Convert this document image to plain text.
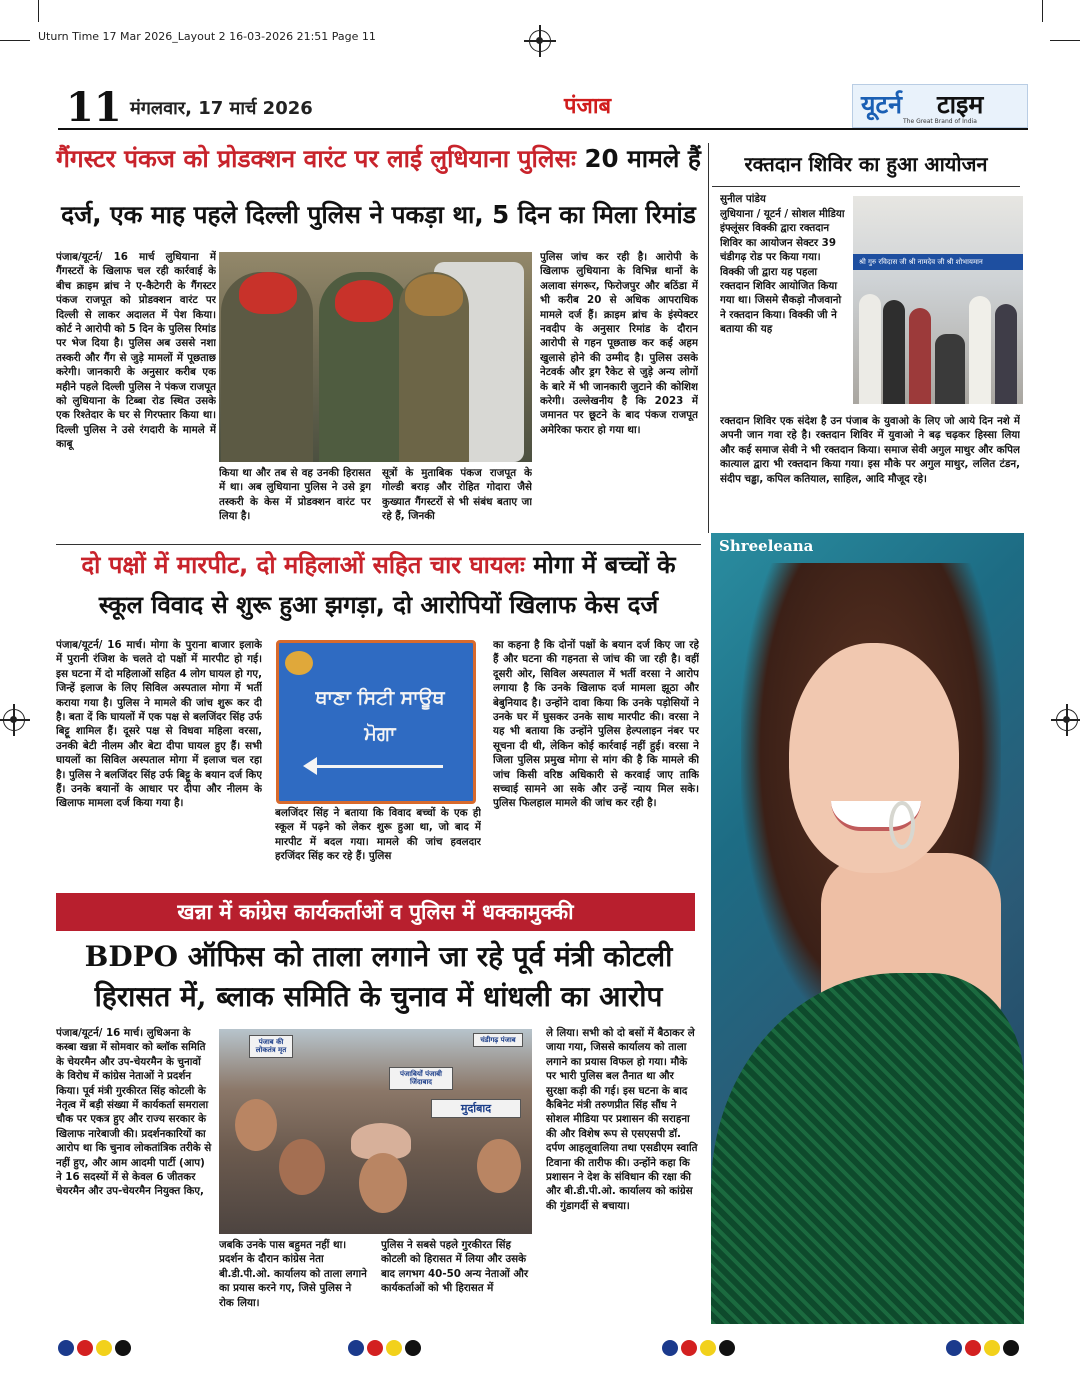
Uturn Time 17 Mar 2026_Layout 2 16-03-2026 21:51 Page 11
11 मंगलवार, 17 मार्च 2026	पंजाब	यूटर्न टाइम
The Great Brand of India
गैंगस्टर पंकज को प्रोडक्शन वारंट पर लाई लुधियाना पुलिसः 20 मामले हैं
दर्ज, एक माह पहले दिल्ली पुलिस ने पकड़ा था, 5 दिन का मिला रिमांड
पंजाब/यूटर्न/ 16 मार्च लुधियाना में गैंगस्टरों के खिलाफ चल रही कार्रवाई के बीच क्राइम ब्रांच ने ए-कैटेगरी के गैंगस्टर पंकज राजपूत को प्रोडक्शन वारंट पर दिल्ली से लाकर अदालत में पेश किया। कोर्ट ने आरोपी को 5 दिन के पुलिस रिमांड पर भेज दिया है। पुलिस अब उससे नशा तस्करी और गैंग से जुड़े मामलों में पूछताछ करेगी। जानकारी के अनुसार करीब एक महीने पहले दिल्ली पुलिस ने पंकज राजपूत को लुधियाना के टिब्बा रोड स्थित उसके एक रिश्तेदार के घर से गिरफ्तार किया था। दिल्ली पुलिस ने उसे रंगदारी के मामले में काबू
किया था और तब से वह उनकी हिरासत में था। अब लुधियाना पुलिस ने उसे ड्रग तस्करी के केस में प्रोडक्शन वारंट पर लिया है।
सूत्रों के मुताबिक पंकज राजपूत के गोल्डी बराड़ और रोहित गोदारा जैसे कुख्यात गैंगस्टरों से भी संबंध बताए जा रहे हैं, जिनकी
पुलिस जांच कर रही है। आरोपी के खिलाफ लुधियाना के विभिन्न थानों के अलावा संगरूर, फिरोजपुर और बठिंडा में भी करीब 20 से अधिक आपराधिक मामले दर्ज हैं। क्राइम ब्रांच के इंस्पेक्टर नवदीप के अनुसार रिमांड के दौरान आरोपी से गहन पूछताछ कर कई अहम खुलासे होने की उम्मीद है। पुलिस उसके नेटवर्क और ड्रग रैकेट से जुड़े अन्य लोगों के बारे में भी जानकारी जुटाने की कोशिश करेगी। उल्लेखनीय है कि 2023 में जमानत पर छूटने के बाद पंकज राजपूत अमेरिका फरार हो गया था।
रक्तदान शिविर का हुआ आयोजन
सुनील पांडेय
लुधियाना / यूटर्न / सोशल मीडिया इंफ्लूंसर विक्की द्वारा रक्तदान शिविर का आयोजन सेक्टर 39 चंडीगढ़ रोड पर किया गया। विक्की जी द्वारा यह पहला रक्तदान शिविर आयोजित किया गया था। जिसमे सैकड़ो नौजवानो ने रक्तदान किया। विक्की जी ने बताया की यह
श्री गुरु रविदास जी श्री नामदेव जी श्री शोभायमान
रक्तदान शिविर एक संदेश है उन पंजाब के युवाओ के लिए जो आये दिन नशे में अपनी जान गवा रहे है। रक्तदान शिविर में युवाओ ने बढ़ चढ़कर हिस्सा लिया और कई समाज सेवी ने भी रक्तदान किया। समाज सेवी अगुल माथुर और कपिल कात्याल द्वारा भी रक्तदान किया गया। इस मौके पर अगुल माथुर, ललित टंडन, संदीप चड्ढा, कपिल कतियाल, साहिल, आदि मौजूद रहे।
Shreeleana
दो पक्षों में मारपीट, दो महिलाओं सहित चार घायलः मोगा में बच्चों के
स्कूल विवाद से शुरू हुआ झगड़ा, दो आरोपियों खिलाफ केस दर्ज
पंजाब/यूटर्न/ 16 मार्च। मोगा के पुराना बाजार इलाके में पुरानी रंजिश के चलते दो पक्षों में मारपीट हो गई। इस घटना में दो महिलाओं सहित 4 लोग घायल हो गए, जिन्हें इलाज के लिए सिविल अस्पताल मोगा में भर्ती कराया गया है। पुलिस ने मामले की जांच शुरू कर दी है। बता दें कि घायलों में एक पक्ष से बलजिंदर सिंह उर्फ बिट्टू शामिल हैं। दूसरे पक्ष से विधवा महिला वरसा, उनकी बेटी नीलम और बेटा दीपा घायल हुए हैं। सभी घायलों का सिविल अस्पताल मोगा में इलाज चल रहा है। पुलिस ने बलजिंदर सिंह उर्फ बिट्टू के बयान दर्ज किए हैं। उनके बयानों के आधार पर दीपा और नीलम के खिलाफ मामला दर्ज किया गया है।
ਥਾਣਾ ਸਿਟੀ ਸਾਊਥ
ਮੋਗਾ
बलजिंदर सिंह ने बताया कि विवाद बच्चों के एक ही स्कूल में पढ़ने को लेकर शुरू हुआ था, जो बाद में मारपीट में बदल गया। मामले की जांच हवलदार हरजिंदर सिंह कर रहे हैं। पुलिस
का कहना है कि दोनों पक्षों के बयान दर्ज किए जा रहे हैं और घटना की गहनता से जांच की जा रही है। वहीं दूसरी ओर, सिविल अस्पताल में भर्ती वरसा ने आरोप लगाया है कि उनके खिलाफ दर्ज मामला झूठा और बेबुनियाद है। उन्होंने दावा किया कि उनके पड़ोसियों ने उनके घर में घुसकर उनके साथ मारपीट की। वरसा ने यह भी बताया कि उन्होंने पुलिस हेल्पलाइन नंबर पर सूचना दी थी, लेकिन कोई कार्रवाई नहीं हुई। वरसा ने जिला पुलिस प्रमुख मोगा से मांग की है कि मामले की जांच किसी वरिष्ठ अधिकारी से करवाई जाए ताकि सच्चाई सामने आ सके और उन्हें न्याय मिल सके। पुलिस फिलहाल मामले की जांच कर रही है।
खन्ना में कांग्रेस कार्यकर्ताओं व पुलिस में धक्कामुक्की
BDPO ऑफिस को ताला लगाने जा रहे पूर्व मंत्री कोटली
हिरासत में, ब्लाक समिति के चुनाव में धांधली का आरोप
पंजाब/यूटर्न/ 16 मार्च। लुधिअना के कस्बा खन्ना में सोमवार को ब्लॉक समिति के चेयरमैन और उप-चेयरमैन के चुनावों के विरोध में कांग्रेस नेताओं ने प्रदर्शन किया। पूर्व मंत्री गुरकीरत सिंह कोटली के नेतृत्व में बड़ी संख्या में कार्यकर्ता समराला चौक पर एकत्र हुए और राज्य सरकार के खिलाफ नारेबाजी की। प्रदर्शनकारियों का आरोप था कि चुनाव लोकतांत्रिक तरीके से नहीं हुए, और आम आदमी पार्टी (आप) ने 16 सदस्यों में से केवल 6 जीतकर चेयरमैन और उप-चेयरमैन नियुक्त किए,
पंजाब की लोकतंत्र मृत
चंडीगढ़ पंजाब
पंजाबियों पंजाबी जिंदाबाद
मुर्दाबाद
जबकि उनके पास बहुमत नहीं था। प्रदर्शन के दौरान कांग्रेस नेता बी.डी.पी.ओ. कार्यालय को ताला लगाने का प्रयास करने गए, जिसे पुलिस ने रोक लिया।
पुलिस ने सबसे पहले गुरकीरत सिंह कोटली को हिरासत में लिया और उसके बाद लगभग 40-50 अन्य नेताओं और कार्यकर्ताओं को भी हिरासत में
ले लिया। सभी को दो बसों में बैठाकर ले जाया गया, जिससे कार्यालय को ताला लगाने का प्रयास विफल हो गया। मौके पर भारी पुलिस बल तैनात था और सुरक्षा कड़ी की गई। इस घटना के बाद कैबिनेट मंत्री तरुणप्रीत सिंह सौंध ने सोशल मीडिया पर प्रशासन की सराहना की और विशेष रूप से एसएसपी डॉ. दर्पण आहलूवालिया तथा एसडीएम स्वाति टिवाना की तारीफ की। उन्होंने कहा कि प्रशासन ने देश के संविधान की रक्षा की और बी.डी.पी.ओ. कार्यालय को कांग्रेस की गुंडागर्दी से बचाया।
